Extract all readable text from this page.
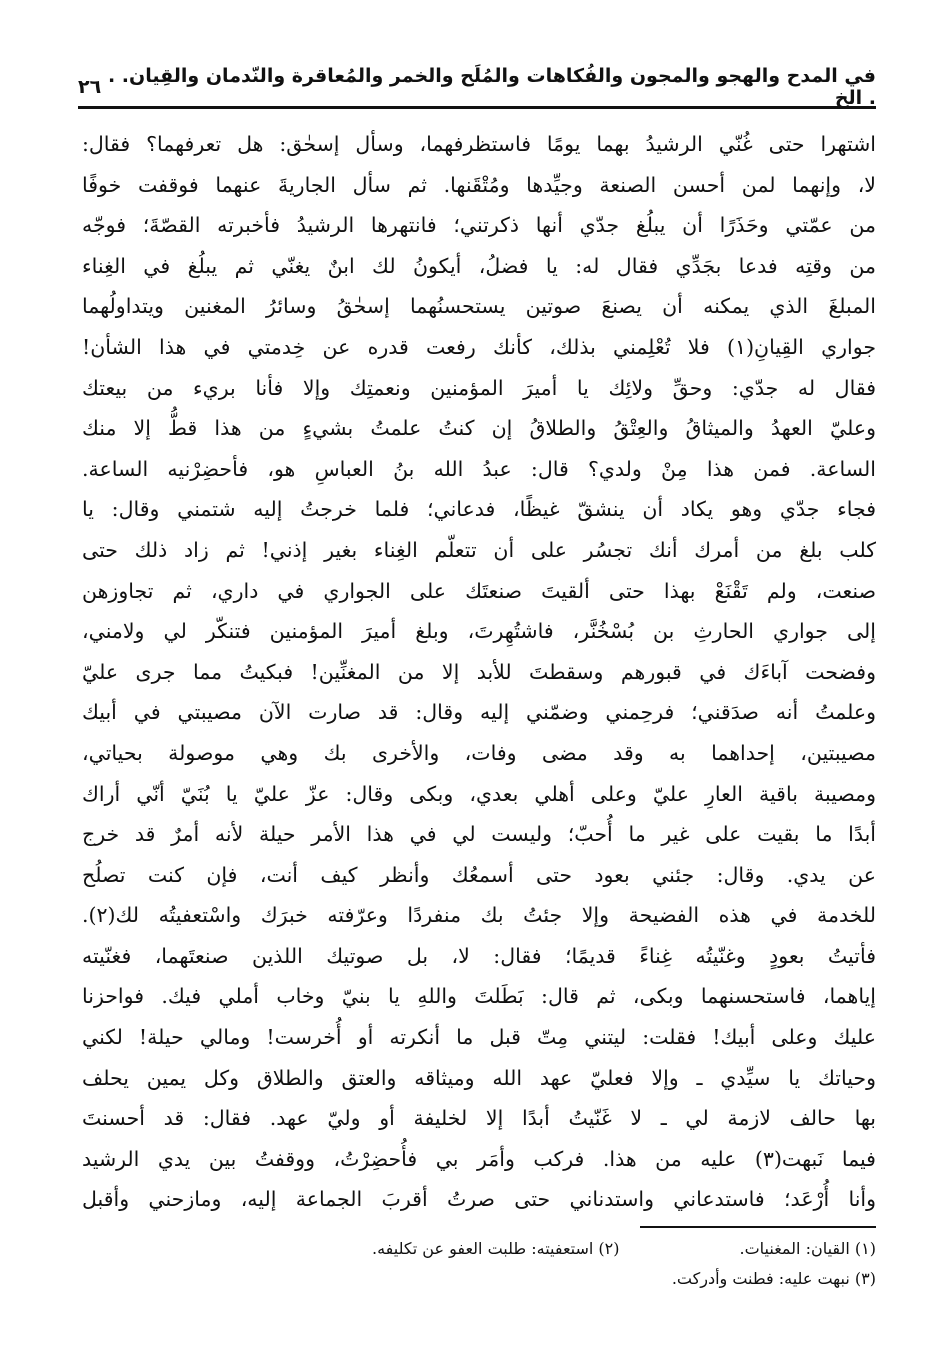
في المدح والهجو والمجون والفُكاهات والمُلَح والخمر والمُعاقرة والنّدمان والقِيان. . . الخ
٢٦
اشتهرا حتى غُنّي الرشيدُ بهما يومًا فاستظرفهما، وسأل إسحٰق: هل تعرفهما؟ فقال:
لا، وإنهما لمن أحسن الصنعة وجيِّدها ومُتْقَنها. ثم سأل الجاريةَ عنهما فوقفت خوفًا
من عمّتي وحَذَرًا أن يبلُغ جدّي أنها ذكرتني؛ فانتهرها الرشيدُ فأخبرته القصّةَ؛ فوجّه
من وقتِه فدعا بجَدِّي فقال له: يا فضلُ، أيكونُ لك ابنٌ يغنّي ثم يبلُغ في الغِناء
المبلغَ الذي يمكنه أن يصنعَ صوتين يستحسنُهما إسحٰقُ وسائرُ المغنين ويتداولُهما
جواري القِيانِ(١) فلا تُعْلِمني بذلك، كأنك رفعت قدره عن خِدمتي في هذا الشأن!
فقال له جدّي: وحقِّ ولائِك يا أميرَ المؤمنين ونعمتِك وإلا فأنا بريء من بيعتك
وعليّ العهدُ والميثاقُ والعِتْقُ والطلاقُ إن كنتُ علمتُ بشيءٍ من هذا قطُّ إلا منك
الساعة. فمن هذا مِنْ ولدي؟ قال: عبدُ الله بنُ العباسِ هو، فأحضِرْنيه الساعة.
فجاء جدّي وهو يكاد أن ينشقّ غيظًا، فدعاني؛ فلما خرجتُ إليه شتمني وقال: يا
كلب بلغ من أمرك أنك تجسُر على أن تتعلّم الغِناء بغير إذني! ثم زاد ذلك حتى
صنعت، ولم تَقْنَعْ بهذا حتى ألقيتَ صنعتَك على الجواري في داري، ثم تجاوزهن
إلى جواري الحارثِ بن بُسْخُنَّر، فاشتُهِرتَ، وبلغ أميرَ المؤمنين فتنكّر لي ولامني،
وفضحت آباءَك في قبورهم وسقطتَ للأبد إلا من المغنِّين! فبكيتُ مما جرى عليّ
وعلمتُ أنه صدَقني؛ فرحِمني وضمّني إليه وقال: قد صارت الآن مصيبتي في أبيك
مصيبتين، إحداهما به وقد مضى وفات، والأخرى بك وهي موصولة بحياتي،
ومصيبة باقية العارِ عليّ وعلى أهلي بعدي، وبكى وقال: عزّ عليّ يا بُنَيّ أنّي أراك
أبدًا ما بقيت على غير ما أُحبّ؛ وليست لي في هذا الأمر حيلة لأنه أمرٌ قد خرج
عن يدي. وقال: جئني بعود حتى أسمعُك وأنظر كيف أنت، فإن كنت تصلُح
للخدمة في هذه الفضيحة وإلا جئتُ بك منفردًا وعرّفته خبرَك واسْتعفيتُه لك(٢).
فأتيتُ بعودٍ وغنّيتُه غِناءً قديمًا؛ فقال: لا، بل صوتيك اللذين صنعتَهما، فغنّيته
إياهما، فاستحسنهما وبكى، ثم قال: بَطَلتَ واللهِ يا بنيّ وخاب أملي فيك. فواحزنا
عليك وعلى أبيك! فقلت: ليتني مِتّ قبل ما أنكرته أو أُخرست! ومالي حيلة! لكني
وحياتك يا سيِّدي ـ وإلا فعليّ عهد الله وميثاقه والعتق والطلاق وكل يمين يحلف
بها حالف لازمة لي ـ لا غَنّيتُ أبدًا إلا لخليفة أو وليّ عهد. فقال: قد أحسنتَ
فيما نَبهت(٣) عليه من هذا. فركب وأمَر بي فأُحضِرْتُ، ووقفتُ بين يدي الرشيد
وأنا أُرْعَد؛ فاستدعاني واستدناني حتى صرتُ أقربَ الجماعة إليه، ومازحني وأقبل
(١) القيان: المغنيات.
(٢) استعفيته: طلبت العفو عن تكليفه.
(٣) نبهت عليه: فطنت وأدركت.
